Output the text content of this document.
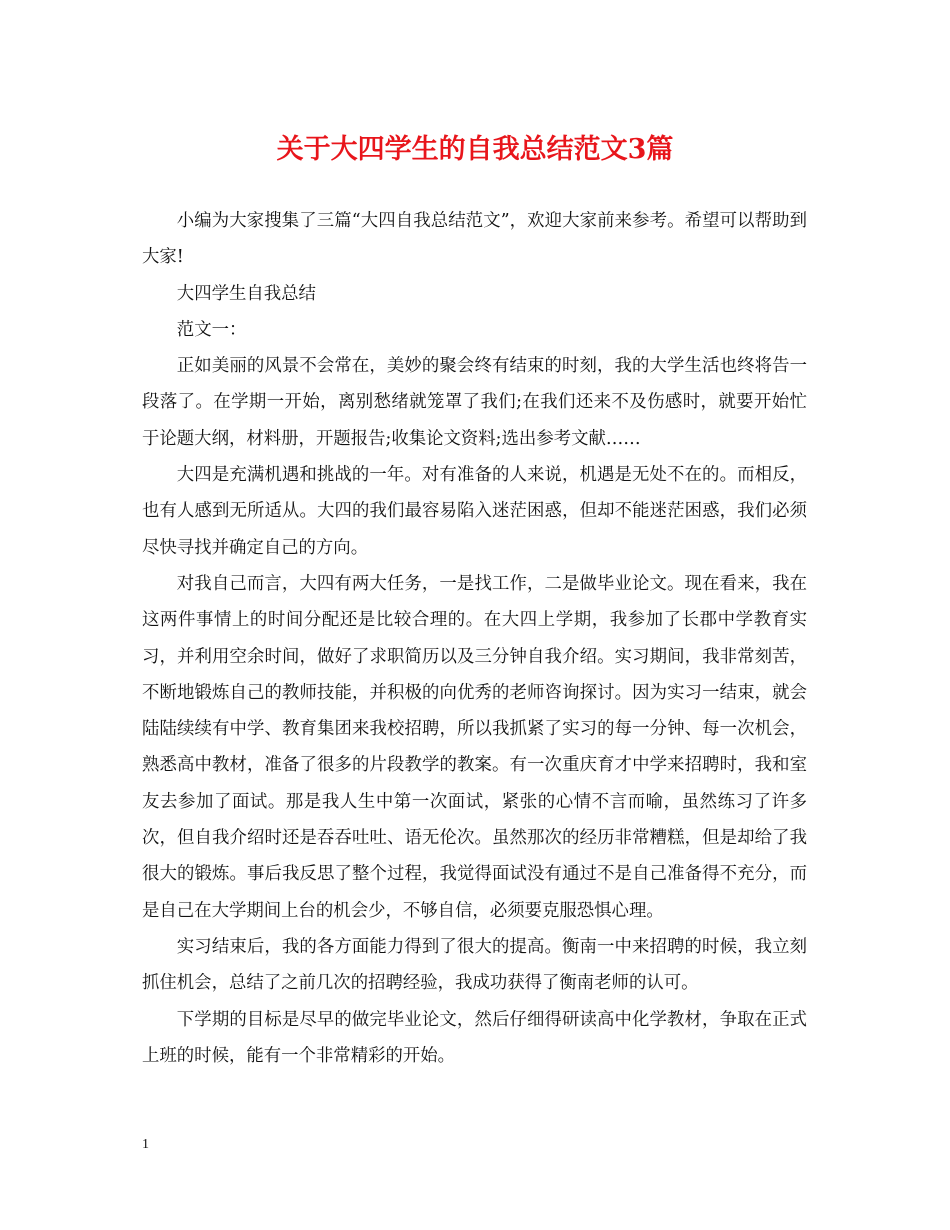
关于大四学生的自我总结范文3篇

小编为大家搜集了三篇“大四自我总结范文”，欢迎大家前来参考。希望可以帮助到大家!

大四学生自我总结

范文一：

正如美丽的风景不会常在，美妙的聚会终有结束的时刻，我的大学生活也终将告一段落了。在学期一开始，离别愁绪就笼罩了我们;在我们还来不及伤感时，就要开始忙于论题大纲，材料册，开题报告;收集论文资料;选出参考文献……

大四是充满机遇和挑战的一年。对有准备的人来说，机遇是无处不在的。而相反，也有人感到无所适从。大四的我们最容易陷入迷茫困惑，但却不能迷茫困惑，我们必须尽快寻找并确定自己的方向。

对我自己而言，大四有两大任务，一是找工作，二是做毕业论文。现在看来，我在这两件事情上的时间分配还是比较合理的。在大四上学期，我参加了长郡中学教育实习，并利用空余时间，做好了求职简历以及三分钟自我介绍。实习期间，我非常刻苦，不断地锻炼自己的教师技能，并积极的向优秀的老师咨询探讨。因为实习一结束，就会陆陆续续有中学、教育集团来我校招聘，所以我抓紧了实习的每一分钟、每一次机会，熟悉高中教材，准备了很多的片段教学的教案。有一次重庆育才中学来招聘时，我和室友去参加了面试。那是我人生中第一次面试，紧张的心情不言而喻，虽然练习了许多次，但自我介绍时还是吞吞吐吐、语无伦次。虽然那次的经历非常糟糕，但是却给了我很大的锻炼。事后我反思了整个过程，我觉得面试没有通过不是自己准备得不充分，而是自己在大学期间上台的机会少，不够自信，必须要克服恐惧心理。

实习结束后，我的各方面能力得到了很大的提高。衡南一中来招聘的时候，我立刻抓住机会，总结了之前几次的招聘经验，我成功获得了衡南老师的认可。

下学期的目标是尽早的做完毕业论文，然后仔细得研读高中化学教材，争取在正式上班的时候，能有一个非常精彩的开始。

1
